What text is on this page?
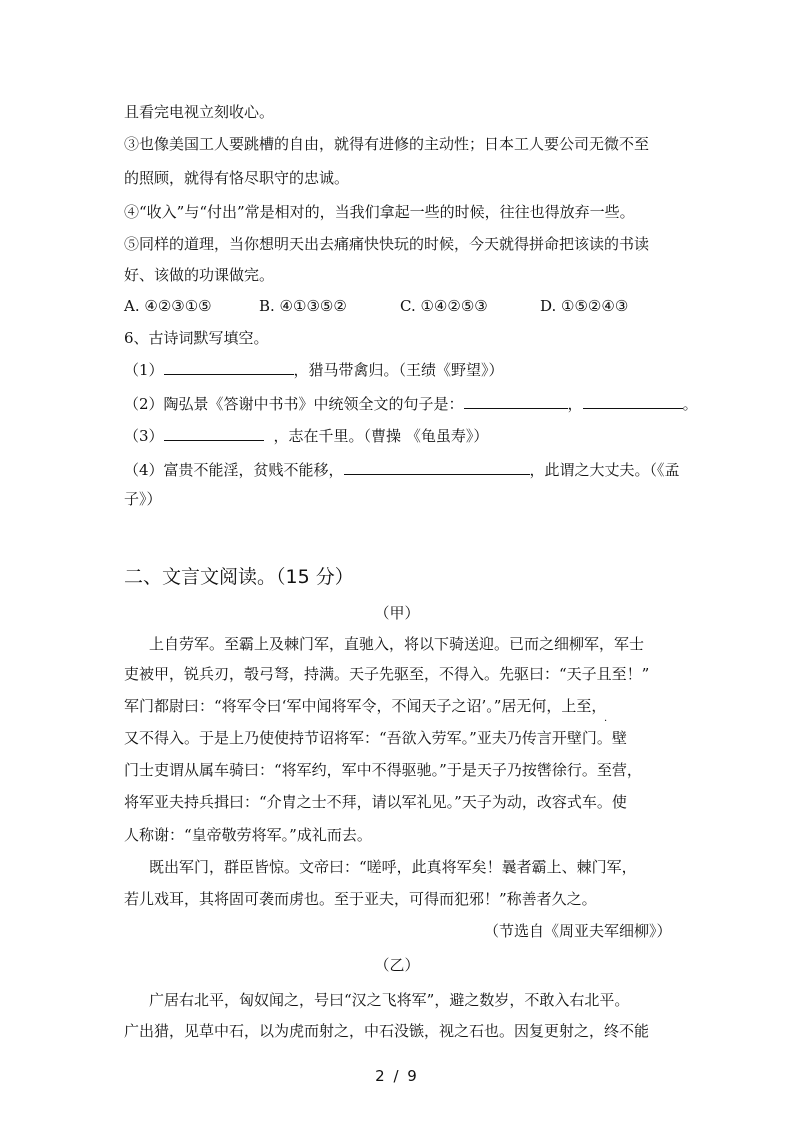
且看完电视立刻收心。
③也像美国工人要跳槽的自由，就得有进修的主动性；日本工人要公司无微不至
的照顾，就得有恪尽职守的忠诚。
④“收入”与“付出”常是相对的，当我们拿起一些的时候，往往也得放弃一些。
⑤同样的道理，当你想明天出去痛痛快快玩的时候，今天就得拼命把该读的书读
好、该做的功课做完。
A. ④②③①⑤	B. ④①③⑤②	C. ①④②⑤③	D. ①⑤②④③
6、古诗词默写填空。
（1）	，猎马带禽归。（王绩《野望》）
（2）陶弘景《答谢中书书》中统领全文的句子是：	，	。
（3）	，志在千里。（曹操 《龟虽寿》）
（4）富贵不能淫，贫贱不能移，	，此谓之大丈夫。（《孟
子》）
二、文言文阅读。（15 分）
（甲）
上自劳军。至霸上及棘门军，直驰入，将以下骑送迎。已而之细柳军，军士
吏被甲，锐兵刃，彀弓弩，持满。天子先驱至，不得入。先驱曰：“天子且至！”
军门都尉曰：“将军令曰‘军中闻将军令，不闻天子之诏’。”居无何，上至，
·
又不得入。于是上乃使使持节诏将军：“吾欲入劳军。”亚夫乃传言开壁门。壁
门士吏谓从属车骑曰：“将军约，军中不得驱驰。”于是天子乃按辔徐行。至营，
将军亚夫持兵揖曰：“介胄之士不拜，请以军礼见。”天子为动，改容式车。使
人称谢：“皇帝敬劳将军。”成礼而去。
既出军门，群臣皆惊。文帝曰：“嗟呼，此真将军矣！曩者霸上、棘门军，
若儿戏耳，其将固可袭而虏也。至于亚夫，可得而犯邪！”称善者久之。
（节选自《周亚夫军细柳》）
（乙）
广居右北平，匈奴闻之，号曰“汉之飞将军”，避之数岁，不敢入右北平。
广出猎，见草中石，以为虎而射之，中石没镞，视之石也。因复更射之，终不能
2 / 9
